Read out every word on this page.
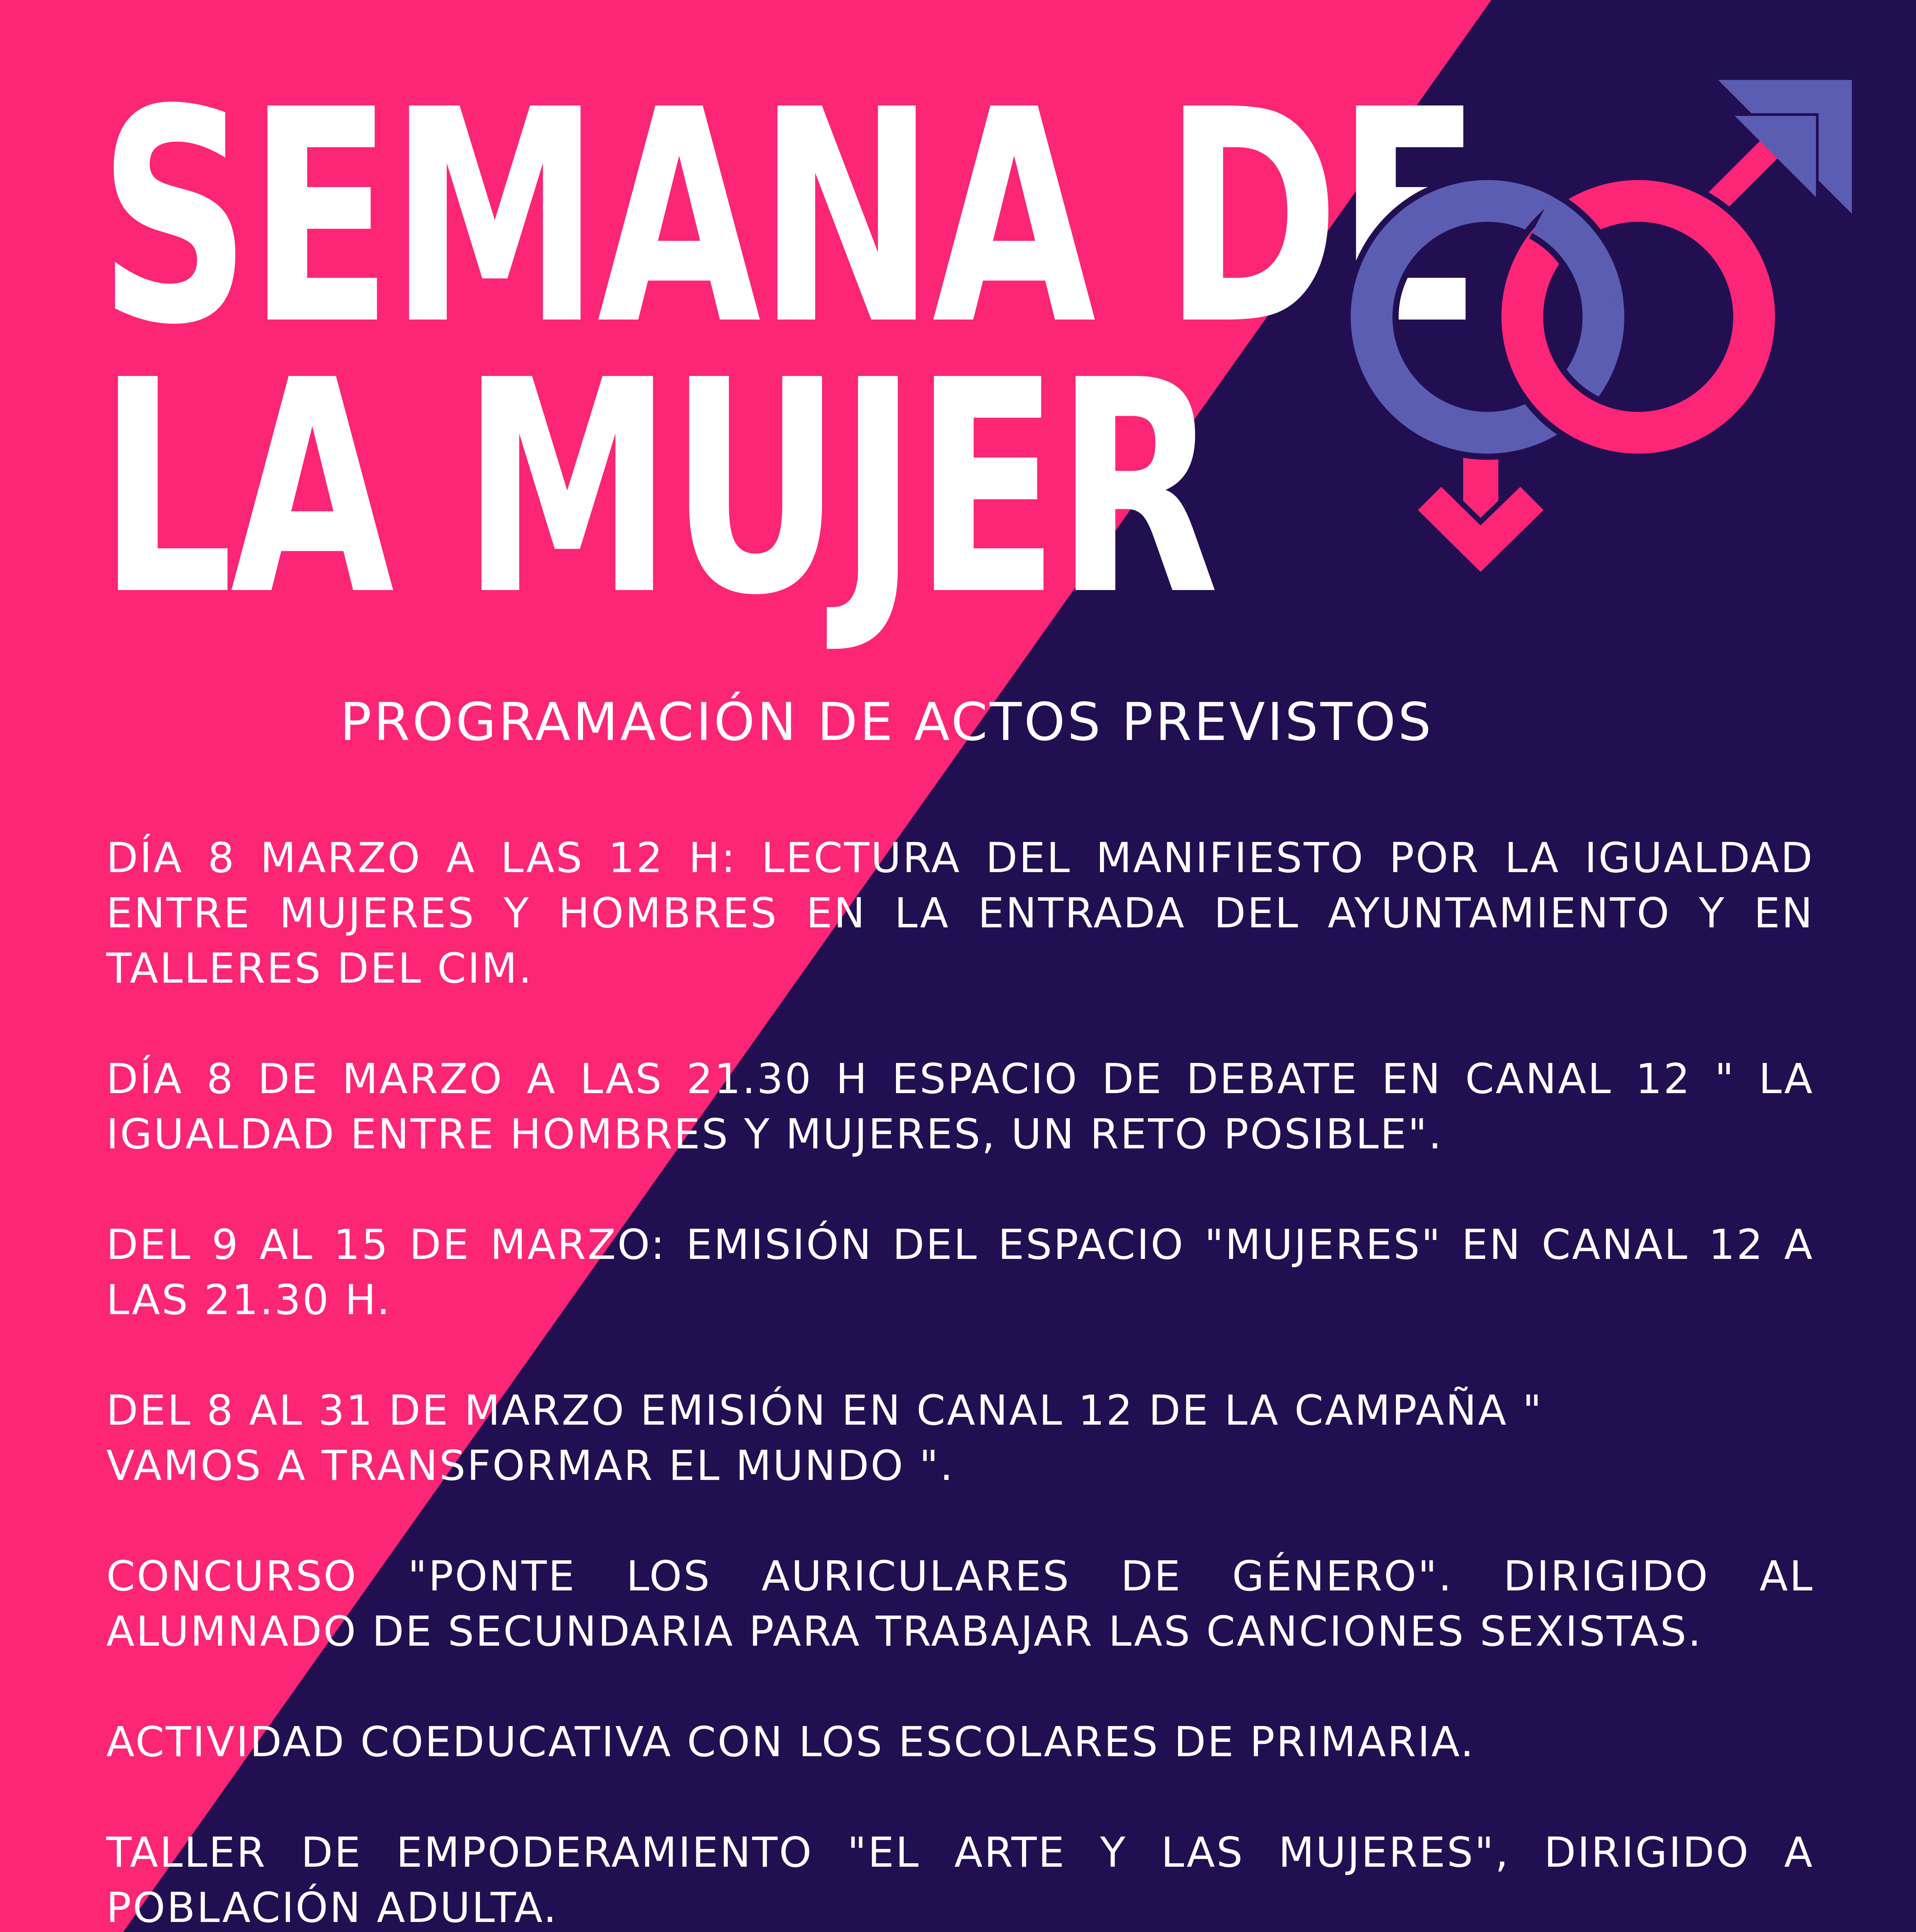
SEMANA DE
LA MUJER
PROGRAMACIÓN DE ACTOS PREVISTOS

DÍA 8 MARZO A LAS 12 H: LECTURA DEL MANIFIESTO POR LA IGUALDAD ENTRE MUJERES Y HOMBRES EN LA ENTRADA DEL AYUNTAMIENTO Y EN TALLERES DEL CIM.

DÍA 8 DE MARZO A LAS 21.30 H ESPACIO DE DEBATE EN CANAL 12 " LA IGUALDAD ENTRE HOMBRES Y MUJERES, UN RETO POSIBLE".

DEL 9 AL 15 DE MARZO: EMISIÓN DEL ESPACIO "MUJERES" EN CANAL 12 A LAS 21.30 H.

DEL 8 AL 31 DE MARZO EMISIÓN EN CANAL 12 DE LA CAMPAÑA " VAMOS A TRANSFORMAR EL MUNDO ".

CONCURSO "PONTE LOS AURICULARES DE GÉNERO". DIRIGIDO AL ALUMNADO DE SECUNDARIA PARA TRABAJAR LAS CANCIONES SEXISTAS.

ACTIVIDAD COEDUCATIVA CON LOS ESCOLARES DE PRIMARIA.

TALLER DE EMPODERAMIENTO "EL ARTE Y LAS MUJERES", DIRIGIDO A POBLACIÓN ADULTA.
